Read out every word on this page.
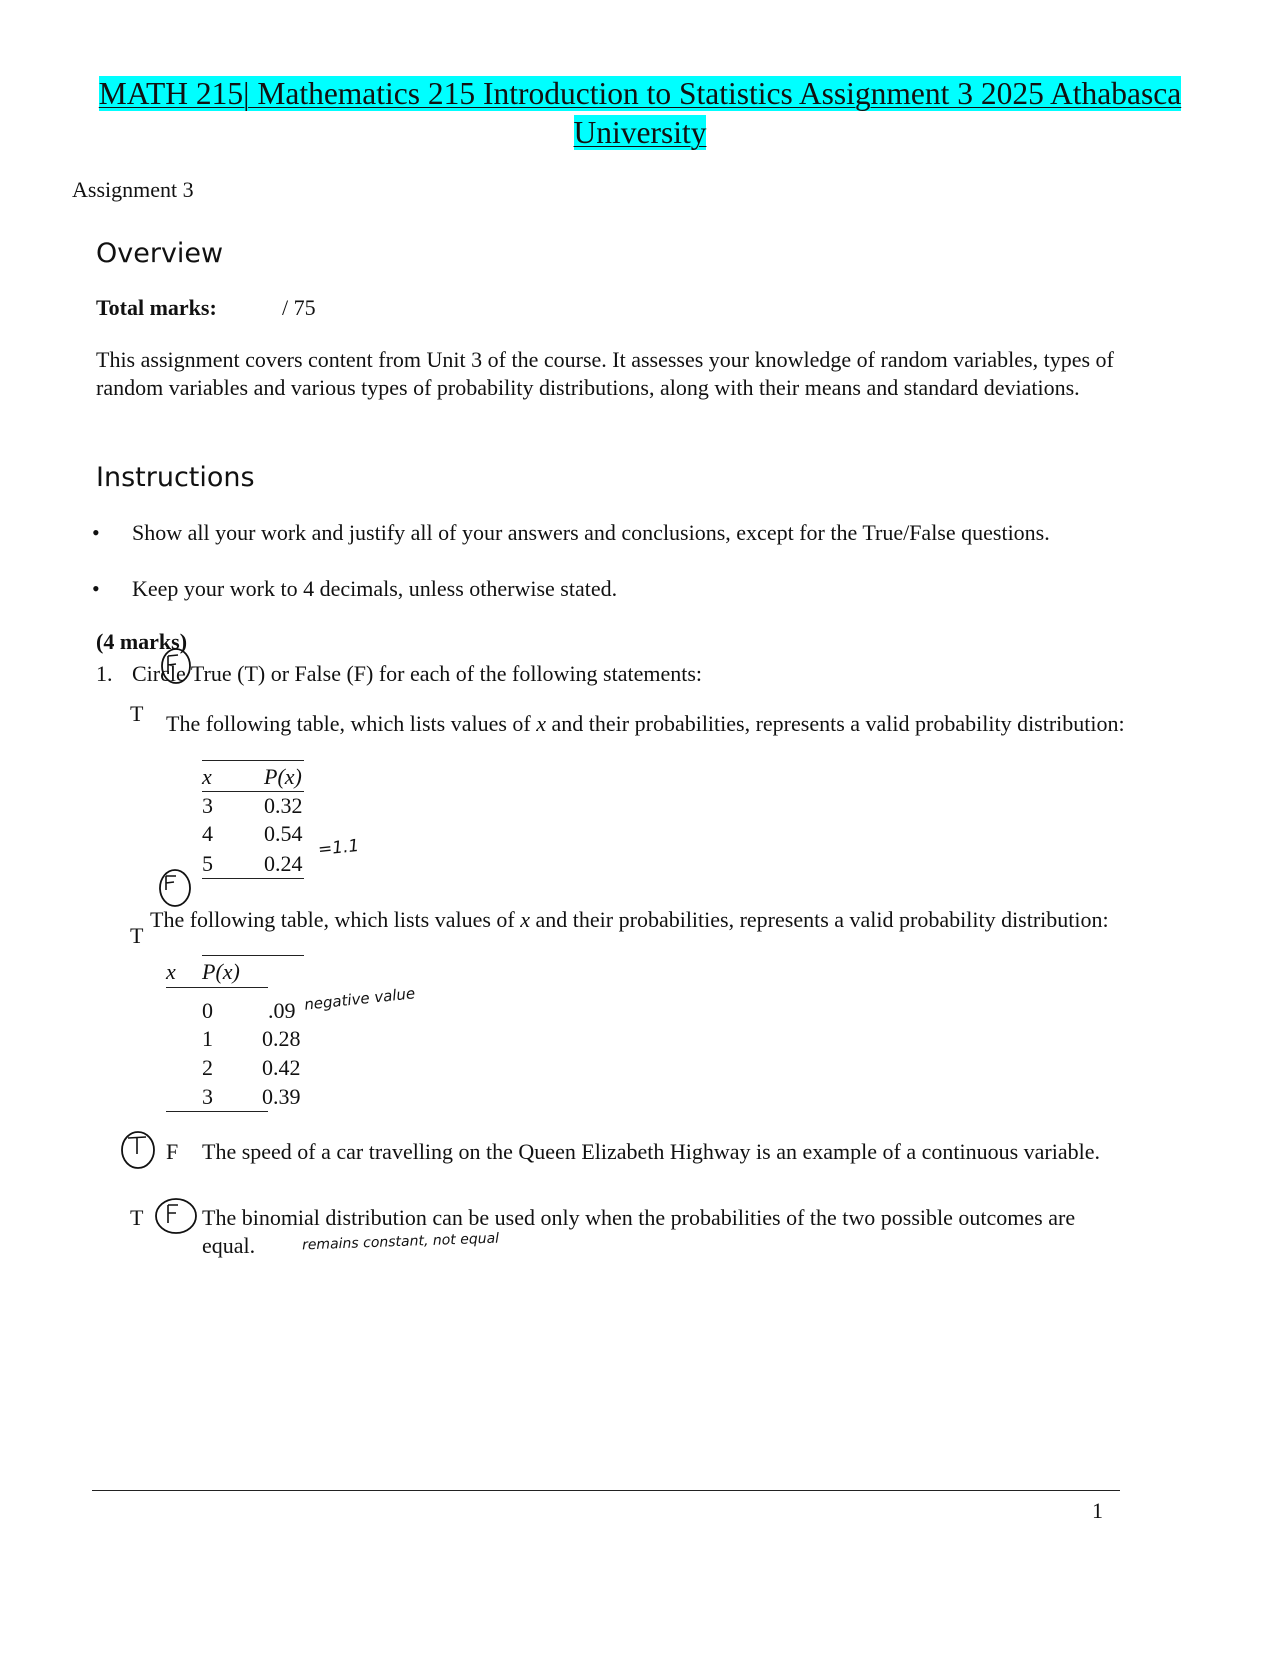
MATH 215| Mathematics 215 Introduction to Statistics Assignment 3 2025 Athabasca University
Assignment 3
Overview
Total marks:	/ 75
This assignment covers content from Unit 3 of the course. It assesses your knowledge of random variables, types of random variables and various types of probability distributions, along with their means and standard deviations.
Instructions
• Show all your work and justify all of your answers and conclusions, except for the True/False questions.
• Keep your work to 4 decimals, unless otherwise stated.
(4 marks)
1. Circle True (T) or False (F) for each of the following statements:
T The following table, which lists values of x and their probabilities, represents a valid probability distribution:
x P(x)
3 0.32
4 0.54
5 0.24
=1.1
The following table, which lists values of x and their probabilities, represents a valid probability distribution:
T
x P(x)
0	.09
1 0.28
2 0.42
3 0.39
negative value
F The speed of a car travelling on the Queen Elizabeth Highway is an example of a continuous variable.
T	The binomial distribution can be used only when the probabilities of the two possible outcomes are equal.	remains constant, not equal
1
